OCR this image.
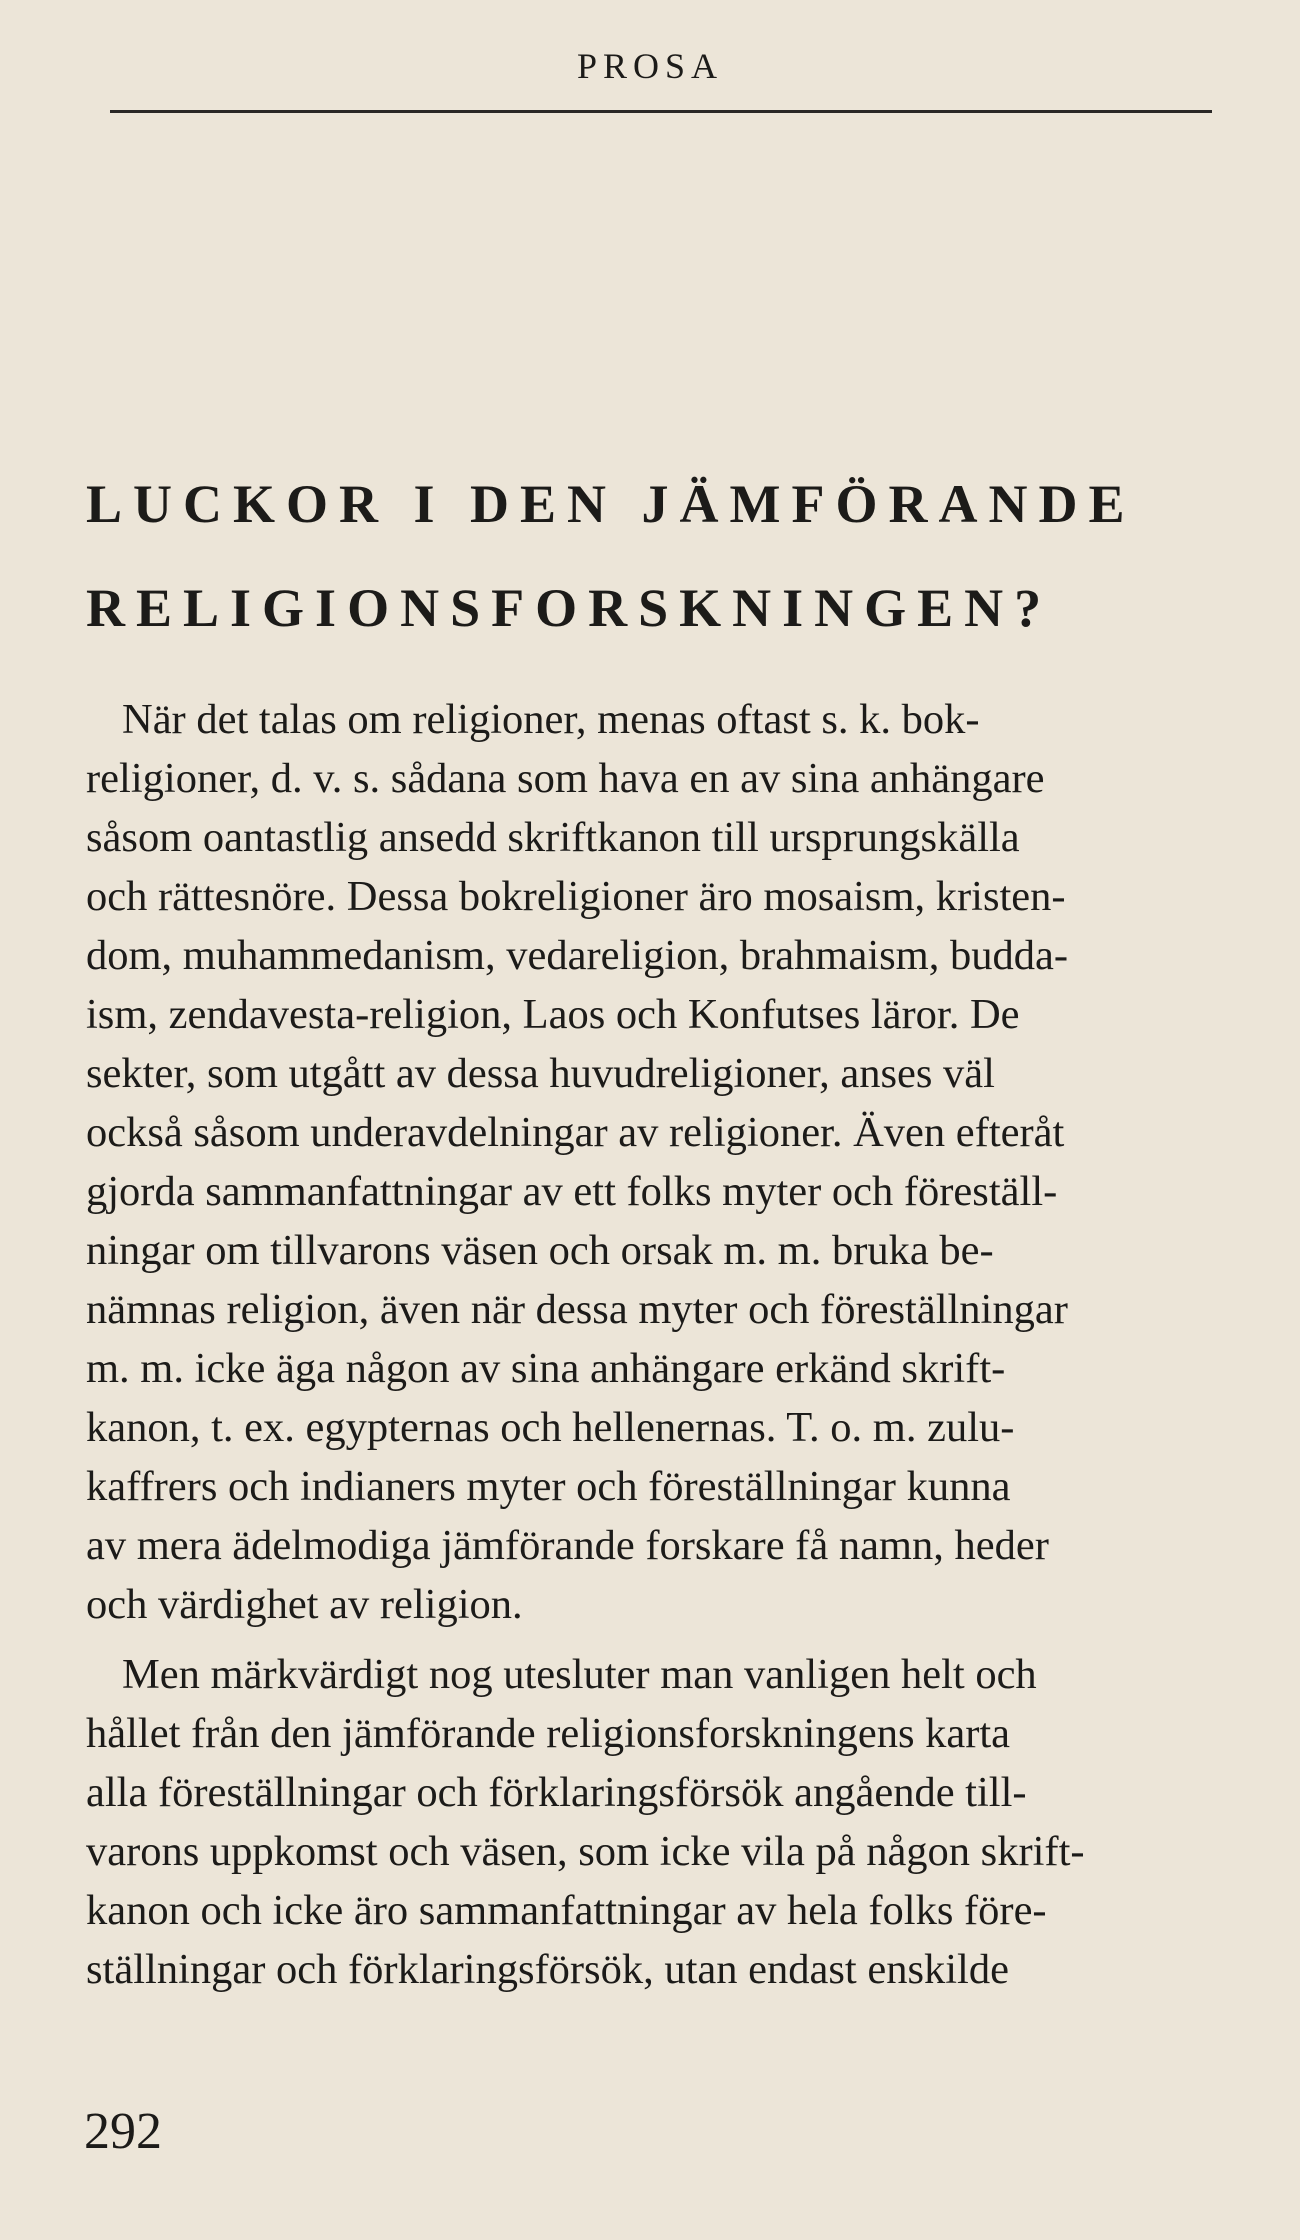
PROSA
LUCKOR I DEN JÄMFÖRANDE
RELIGIONSFORSKNINGEN?
När det talas om religioner, menas oftast s. k. bok-
religioner, d. v. s. sådana som hava en av sina anhängare
såsom oantastlig ansedd skriftkanon till ursprungskälla
och rättesnöre. Dessa bokreligioner äro mosaism, kristen-
dom, muhammedanism, vedareligion, brahmaism, budda-
ism, zendavesta-religion, Laos och Konfutses läror. De
sekter, som utgått av dessa huvudreligioner, anses väl
också såsom underavdelningar av religioner. Även efteråt
gjorda sammanfattningar av ett folks myter och föreställ-
ningar om tillvarons väsen och orsak m. m. bruka be-
nämnas religion, även när dessa myter och föreställningar
m. m. icke äga någon av sina anhängare erkänd skrift-
kanon, t. ex. egypternas och hellenernas. T. o. m. zulu-
kaffrers och indianers myter och föreställningar kunna
av mera ädelmodiga jämförande forskare få namn, heder
och värdighet av religion.
Men märkvärdigt nog utesluter man vanligen helt och
hållet från den jämförande religionsforskningens karta
alla föreställningar och förklaringsförsök angående till-
varons uppkomst och väsen, som icke vila på någon skrift-
kanon och icke äro sammanfattningar av hela folks före-
ställningar och förklaringsförsök, utan endast enskilde
292
